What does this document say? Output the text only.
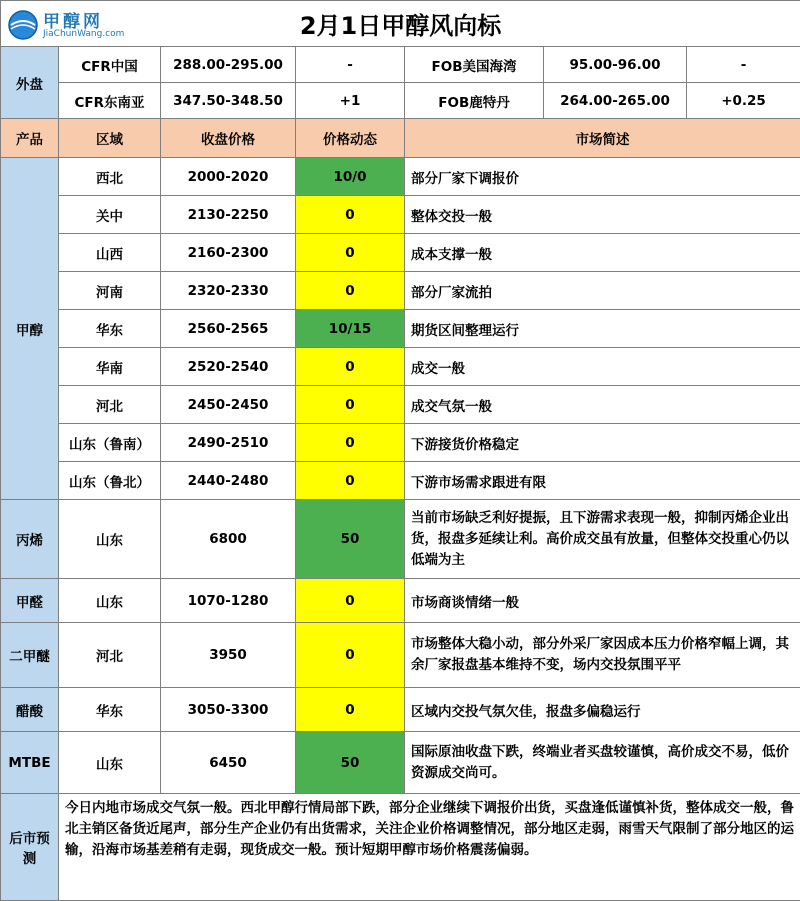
甲醇网
JiaChunWang.com 2月1日甲醇风向标						
外盘	CFR中国	288.00-295.00	-	FOB美国海湾	95.00-96.00	-
	CFR东南亚	347.50-348.50	+1	FOB鹿特丹	264.00-265.00	+0.25
产品	区域	收盘价格	价格动态	市场简述		
甲醇	西北	2000-2020	10/0	部分厂家下调报价		
	关中	2130-2250	0	整体交投一般		
	山西	2160-2300	0	成本支撑一般		
	河南	2320-2330	0	部分厂家流拍		
	华东	2560-2565	10/15	期货区间整理运行		
	华南	2520-2540	0	成交一般		
	河北	2450-2450	0	成交气氛一般		
	山东（鲁南）	2490-2510	0	下游接货价格稳定		
	山东（鲁北）	2440-2480	0	下游市场需求跟进有限		
丙烯	山东	6800	50	当前市场缺乏利好提振，且下游需求表现一般，抑制丙烯企业出货，报盘多延续让利。高价成交虽有放量，但整体交投重心仍以低端为主		
甲醛	山东	1070-1280	0	市场商谈情绪一般		
二甲醚	河北	3950	0	市场整体大稳小动，部分外采厂家因成本压力价格窄幅上调，其余厂家报盘基本维持不变，场内交投氛围平平		
醋酸	华东	3050-3300	0	区域内交投气氛欠佳，报盘多偏稳运行		
MTBE	山东	6450	50	国际原油收盘下跌，终端业者买盘较谨慎，高价成交不易，低价资源成交尚可。		
后市预测	今日内地市场成交气氛一般。西北甲醇行情局部下跌，部分企业继续下调报价出货，买盘逢低谨慎补货，整体成交一般，鲁北主销区备货近尾声，部分生产企业仍有出货需求，关注企业价格调整情况，部分地区走弱，雨雪天气限制了部分地区的运输，沿海市场基差稍有走弱，现货成交一般。预计短期甲醇市场价格震荡偏弱。					
